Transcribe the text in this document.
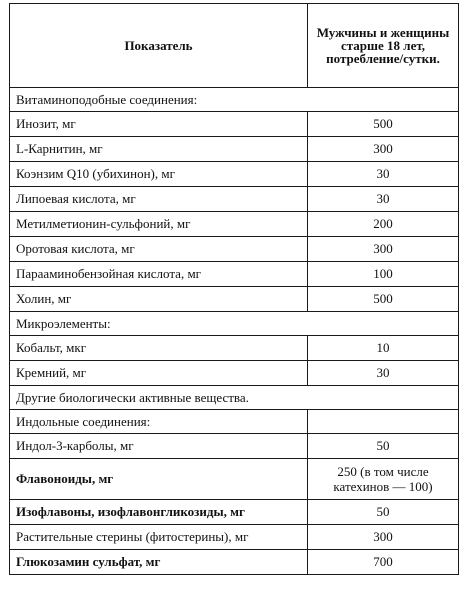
Показатель	Мужчины и женщины старше 18 лет, потребление/сутки.
Витаминоподобные соединения:	
Инозит, мг	500
L-Карнитин, мг	300
Коэнзим Q10 (убихинон), мг	30
Липоевая кислота, мг	30
Метилметионин-сульфоний, мг	200
Оротовая кислота, мг	300
Парааминобензойная кислота, мг	100
Холин, мг	500
Микроэлементы:	
Кобальт, мкг	10
Кремний, мг	30
Другие биологически активные вещества.	
Индольные соединения:	
Индол-3-карболы, мг	50
Флавоноиды, мг	250 (в том числе катехинов — 100)
Изофлавоны, изофлавонгликозиды, мг	50
Растительные стерины (фитостерины), мг	300
Глюкозамин сульфат, мг	700
